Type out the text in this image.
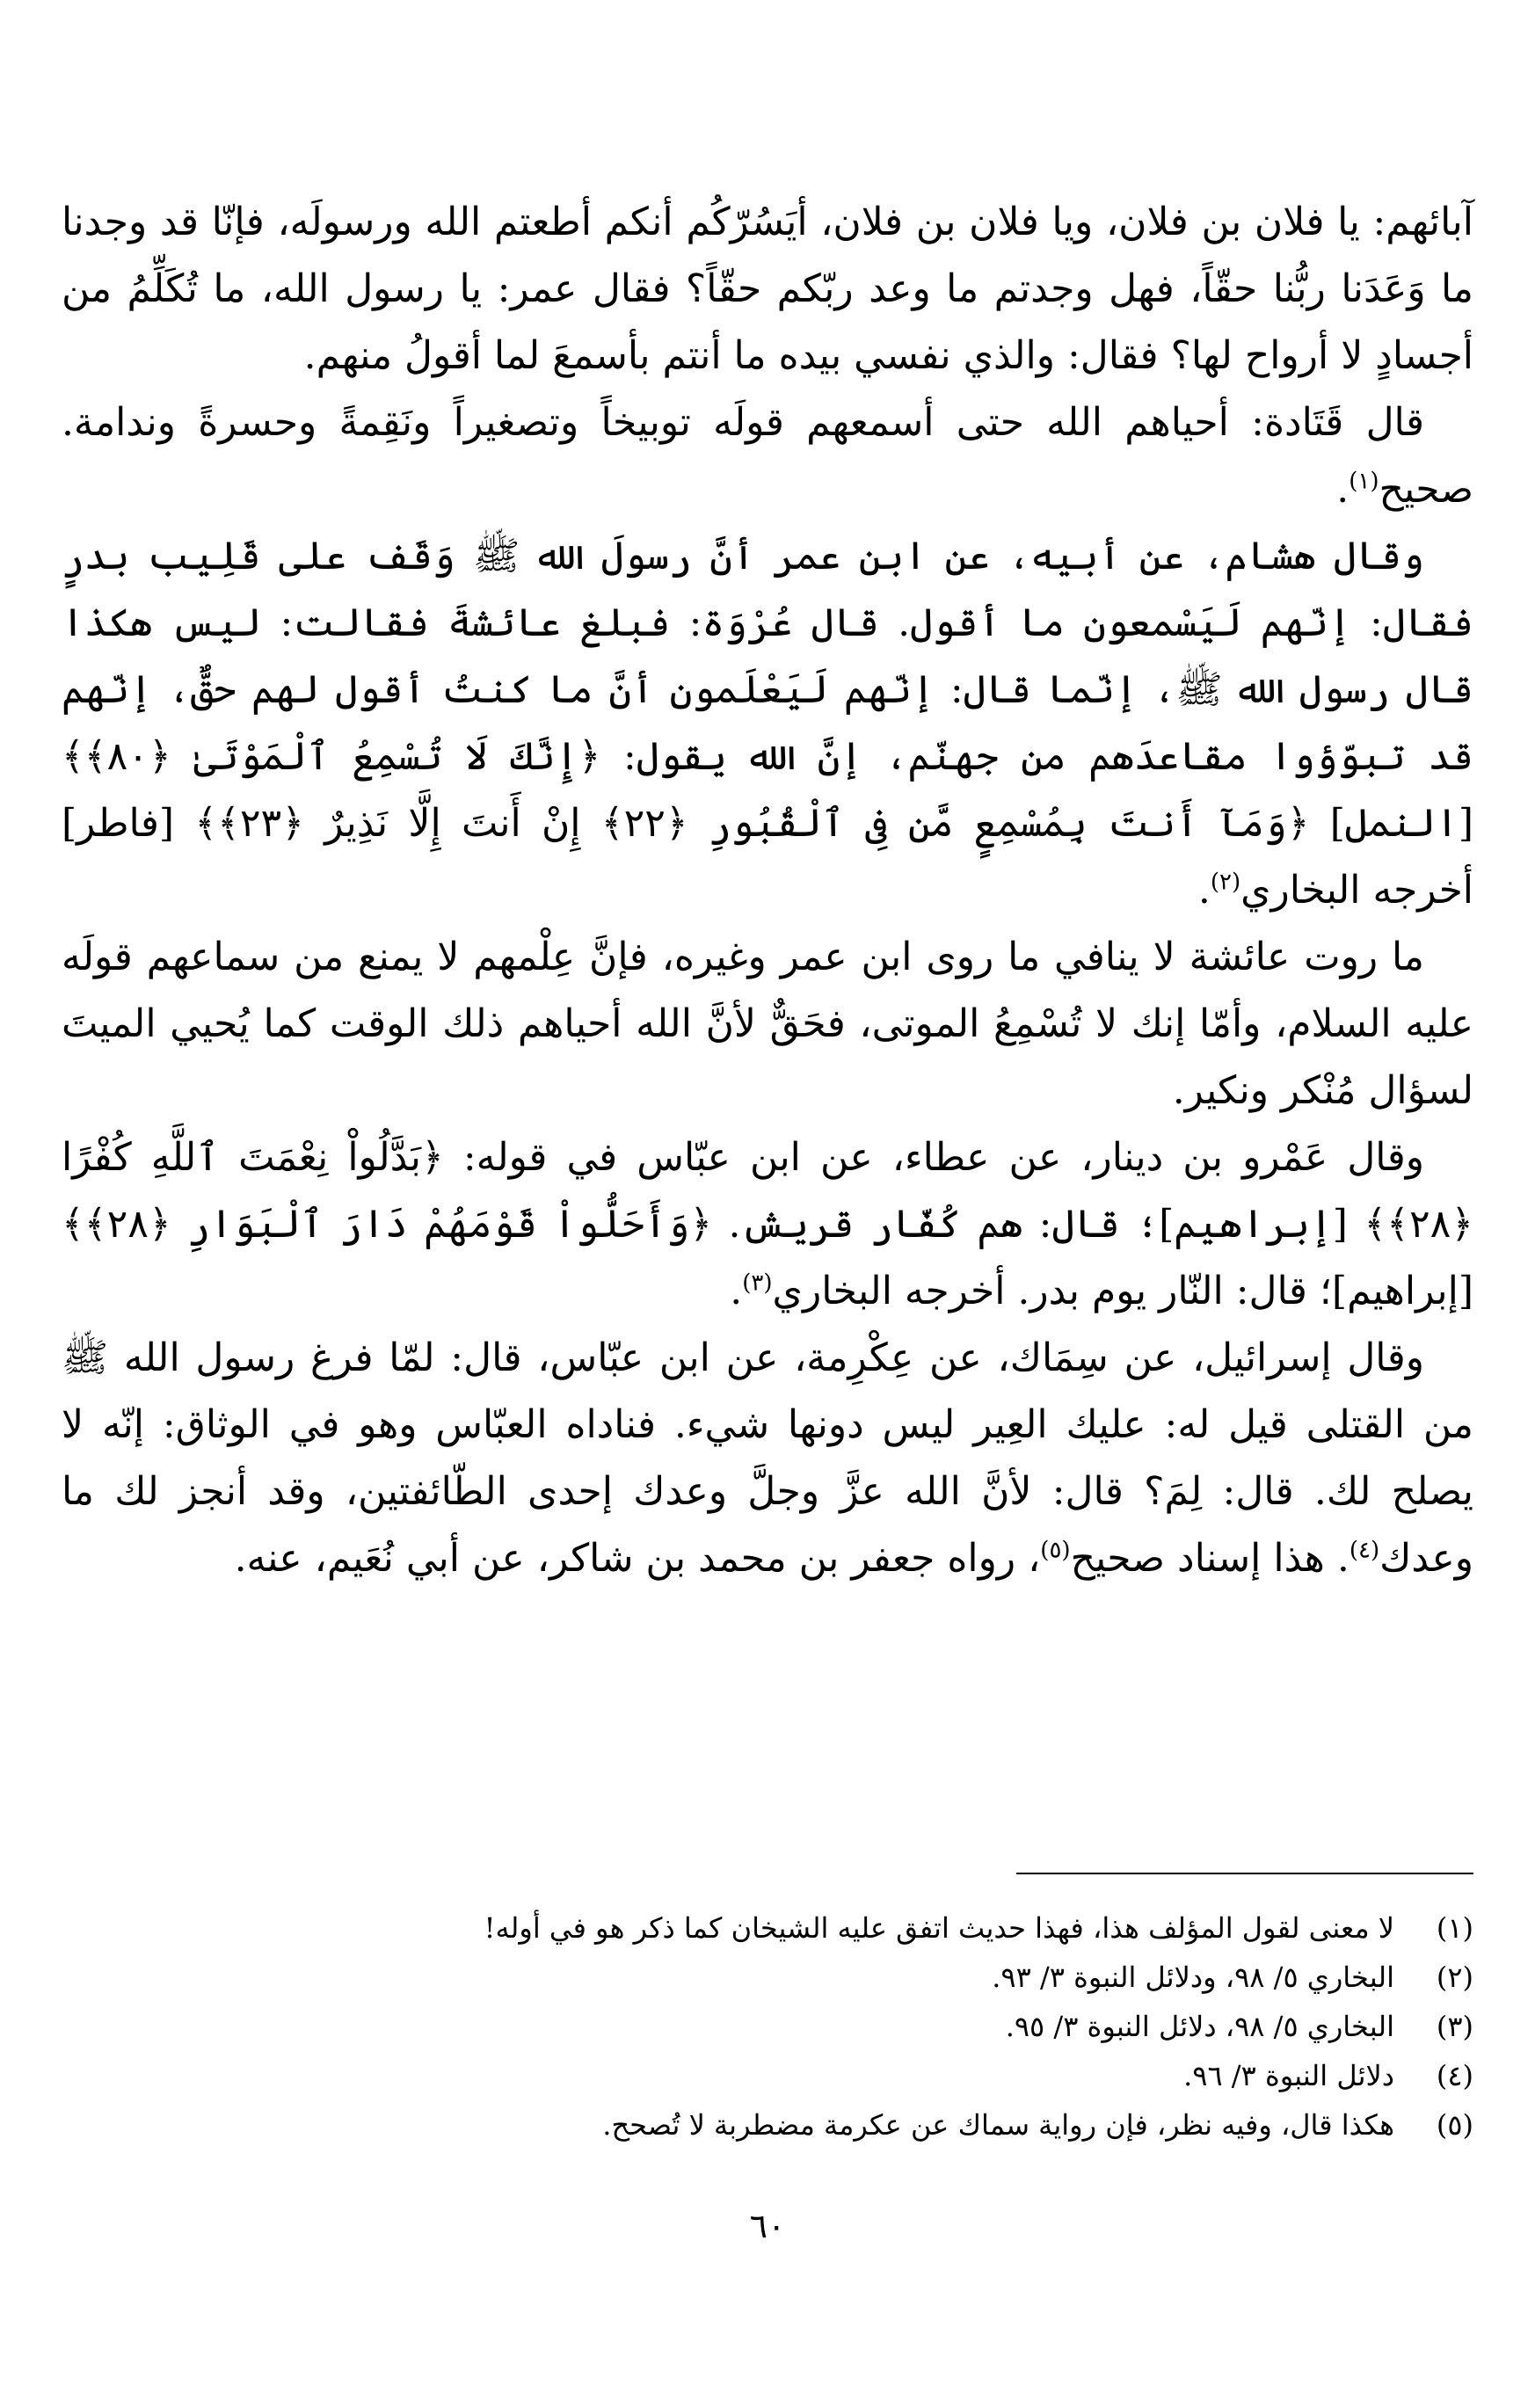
آبائهم: يا فلان بن فلان، ويا فلان بن فلان، أيَسُرّكُم أنكم أطعتم الله ورسولَه، فإنّا قد وجدنا ما وَعَدَنا ربُّنا حقّاً، فهل وجدتم ما وعد ربّكم حقّاً؟ فقال عمر: يا رسول الله، ما تُكَلِّمُ من أجسادٍ لا أرواح لها؟ فقال: والذي نفسي بيده ما أنتم بأسمعَ لما أقولُ منهم.

قال قَتَادة: أحياهم الله حتى أسمعهم قولَه توبيخاً وتصغيراً ونَقِمةً وحسرةً وندامة. صحيح$^{(١)}$.

وقال هشام، عن أبيه، عن ابن عمر أنَّ رسولَ الله ﷺ وَقَف على قَلِيب بدرٍ فقال: إنّهم لَيَسْمعون ما أقول. قال عُرْوَة: فبلغ عائشةَ فقالت: ليس هكذا قال رسول الله ﷺ، إنّما قال: إنّهم لَيَعْلَمون أنَّ ما كنتُ أقول لهم حقٌّ، إنّهم قد تبوّؤوا مقاعدَهم من جهنّم، إنَّ الله يقول: ﴿إِنَّكَ لَا تُسْمِعُ ٱلْمَوْتَىٰ ﴿٨٠﴾﴾ [النمل] ﴿وَمَآ أَنتَ بِمُسْمِعٍ مَّن فِى ٱلْقُبُورِ ﴿٢٢﴾ إِنْ أَنتَ إِلَّا نَذِيرٌ ﴿٢٣﴾﴾ [فاطر] أخرجه البخاري$^{(٢)}$.

ما روت عائشة لا ينافي ما روى ابن عمر وغيره، فإنَّ عِلْمهم لا يمنع من سماعهم قولَه عليه السلام، وأمّا إنك لا تُسْمِعُ الموتى، فحَقٌّ لأنَّ الله أحياهم ذلك الوقت كما يُحيي الميتَ لسؤال مُنْكر ونكير.

وقال عَمْرو بن دينار، عن عطاء، عن ابن عبّاس في قوله: ﴿بَدَّلُواْ نِعْمَتَ ٱللَّهِ كُفْرًا ﴿٢٨﴾﴾ [إبراهيم]؛ قال: هم كُفّار قريش. ﴿وَأَحَلُّواْ قَوْمَهُمْ دَارَ ٱلْبَوَارِ ﴿٢٨﴾﴾ [إبراهيم]؛ قال: النّار يوم بدر. أخرجه البخاري$^{(٣)}$.

وقال إسرائيل، عن سِمَاك، عن عِكْرِمة، عن ابن عبّاس، قال: لمّا فرغ رسول الله ﷺ من القتلى قيل له: عليك العِير ليس دونها شيء. فناداه العبّاس وهو في الوثاق: إنّه لا يصلح لك. قال: لِمَ؟ قال: لأنَّ الله عزَّ وجلَّ وعدك إحدى الطّائفتين، وقد أنجز لك ما وعدك$^{(٤)}$. هذا إسناد صحيح$^{(٥)}$، رواه جعفر بن محمد بن شاكر، عن أبي نُعَيم، عنه.

(١)
لا معنى لقول المؤلف هذا، فهذا حديث اتفق عليه الشيخان كما ذكر هو في أوله!
(٢)
البخاري ٥/ ٩٨، ودلائل النبوة ٣/ ٩٣.
(٣)
البخاري ٥/ ٩٨، دلائل النبوة ٣/ ٩٥.
(٤)
دلائل النبوة ٣/ ٩٦.
(٥)
هكذا قال، وفيه نظر، فإن رواية سماك عن عكرمة مضطربة لا تُصحح.
٦٠
